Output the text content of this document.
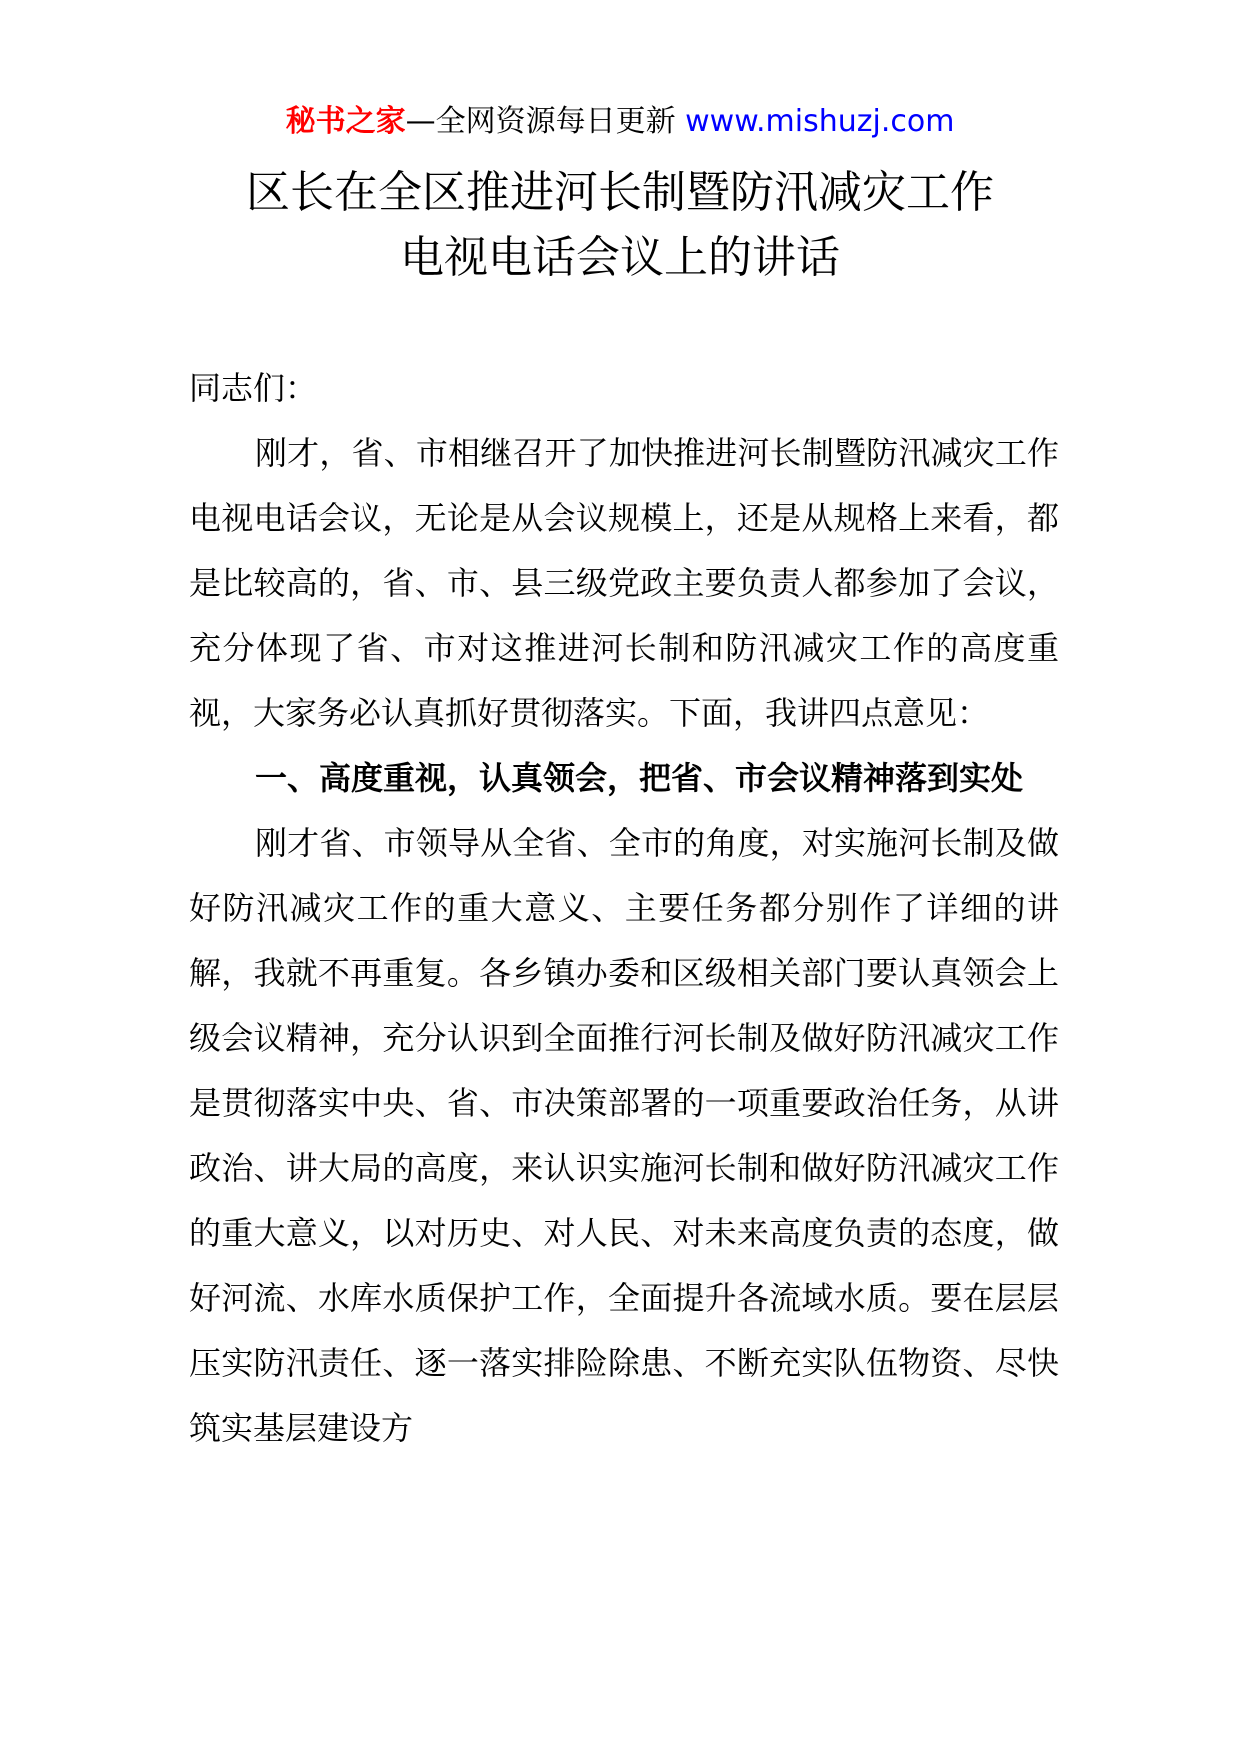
秘书之家—全网资源每日更新 www.mishuzj.com
区长在全区推进河长制暨防汛减灾工作
电视电话会议上的讲话

同志们：

刚才，省、市相继召开了加快推进河长制暨防汛减灾工作电视电话会议，无论是从会议规模上，还是从规格上来看，都是比较高的，省、市、县三级党政主要负责人都参加了会议，充分体现了省、市对这推进河长制和防汛减灾工作的高度重视，大家务必认真抓好贯彻落实。下面，我讲四点意见：

一、高度重视，认真领会，把省、市会议精神落到实处

刚才省、市领导从全省、全市的角度，对实施河长制及做好防汛减灾工作的重大意义、主要任务都分别作了详细的讲解，我就不再重复。各乡镇办委和区级相关部门要认真领会上级会议精神，充分认识到全面推行河长制及做好防汛减灾工作是贯彻落实中央、省、市决策部署的一项重要政治任务，从讲政治、讲大局的高度，来认识实施河长制和做好防汛减灾工作的重大意义，以对历史、对人民、对未来高度负责的态度，做好河流、水库水质保护工作，全面提升各流域水质。要在层层压实防汛责任、逐一落实排险除患、不断充实队伍物资、尽快筑实基层建设方
